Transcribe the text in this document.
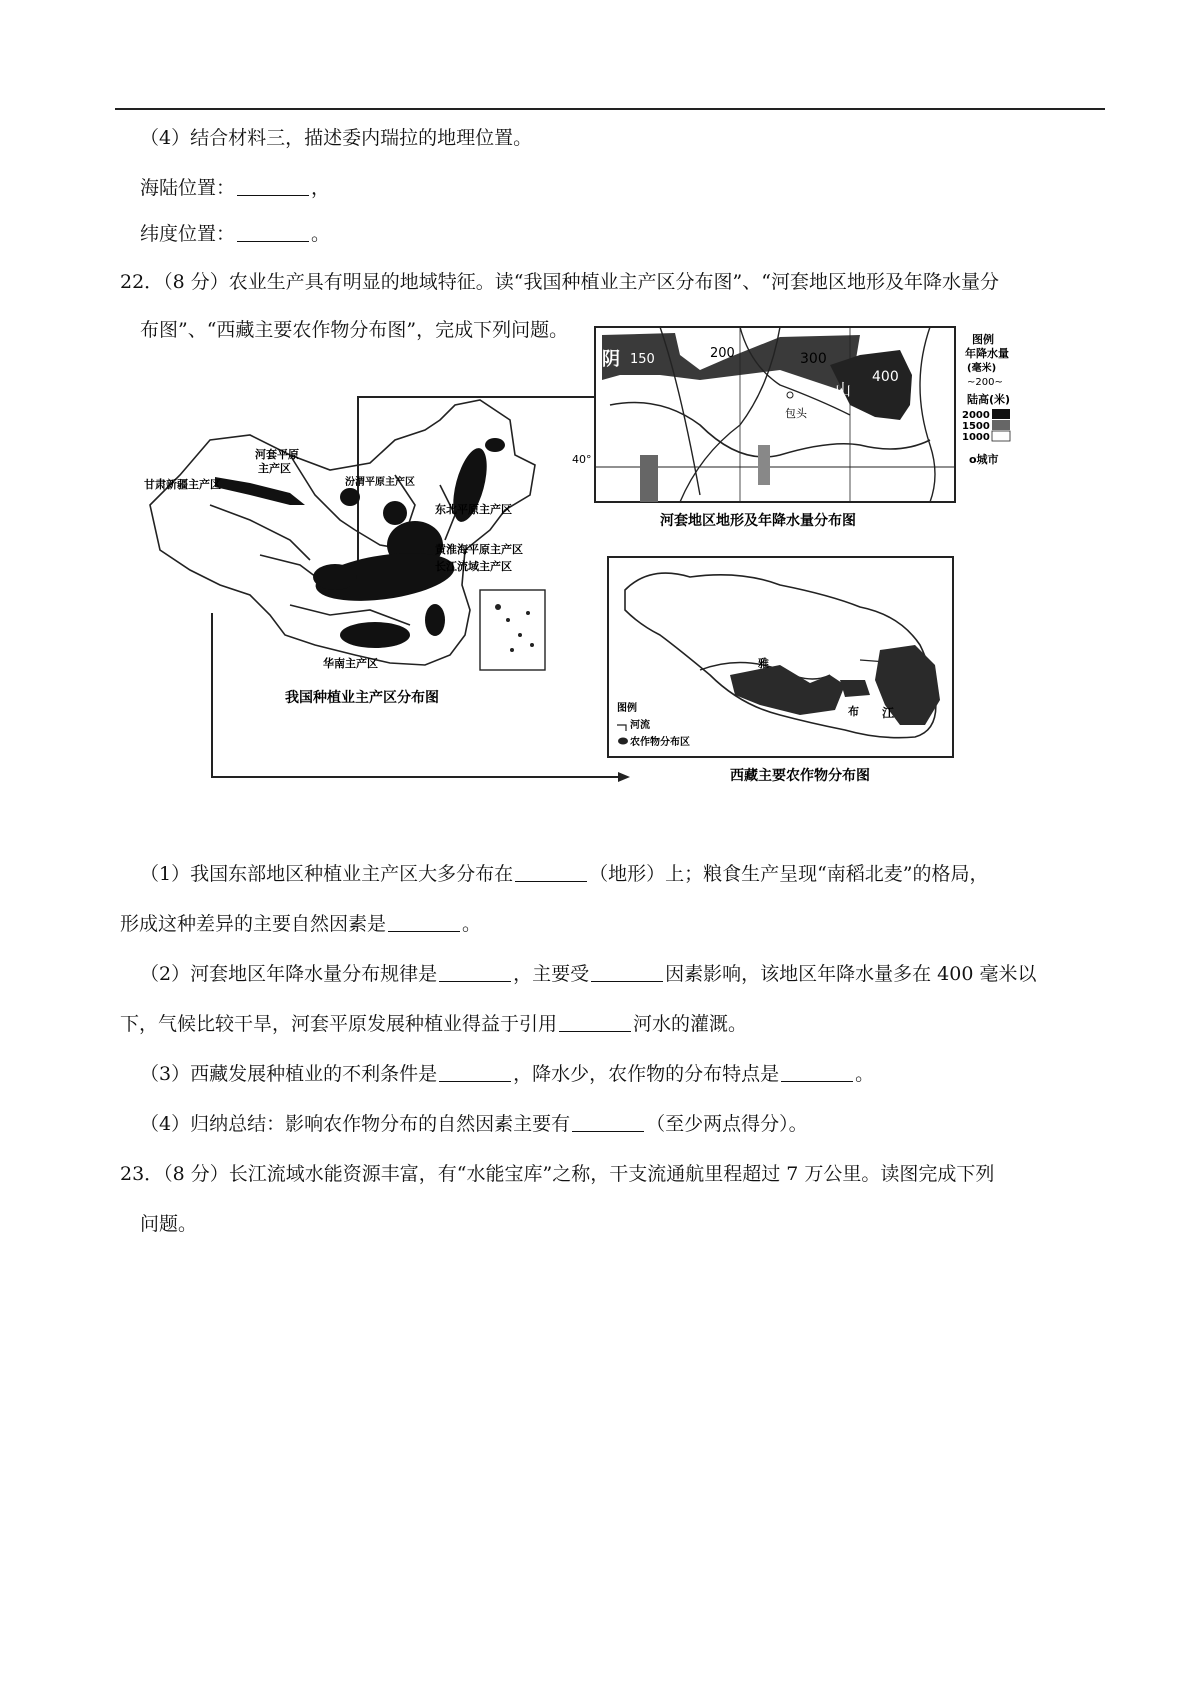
（4）结合材料三，描述委内瑞拉的地理位置。
海陆位置：	，
纬度位置：	。
22．（8 分）农业生产具有明显的地域特征。读“我国种植业主产区分布图”、“河套地区地形及年降水量分
布图”、“西藏主要农作物分布图”，完成下列问题。
河套平原
主产区
甘肃新疆主产区	汾渭平原主产区
东北平原主产区
黄淮海平原主产区
长江流域主产区
华南主产区
我国种植业主产区分布图
阴
山
包头
150	200	300
400
40°
图例
年降水量
(毫米)
~200~
陆高(米)
2000
1500
1000
o城市
河套地区地形及年降水量分布图
雅
布 江
图例
河流
农作物分布区
西藏主要农作物分布图
（1）我国东部地区种植业主产区大多分布在	（地形）上；粮食生产呈现“南稻北麦”的格局，
形成这种差异的主要自然因素是	。
（2）河套地区年降水量分布规律是	，主要受	因素影响，该地区年降水量多在 400 毫米以
下，气候比较干旱，河套平原发展种植业得益于引用	河水的灌溉。
（3）西藏发展种植业的不利条件是	，降水少，农作物的分布特点是	。
（4）归纳总结：影响农作物分布的自然因素主要有	（至少两点得分）。
23．（8 分）长江流域水能资源丰富，有“水能宝库”之称，干支流通航里程超过 7 万公里。读图完成下列
问题。
